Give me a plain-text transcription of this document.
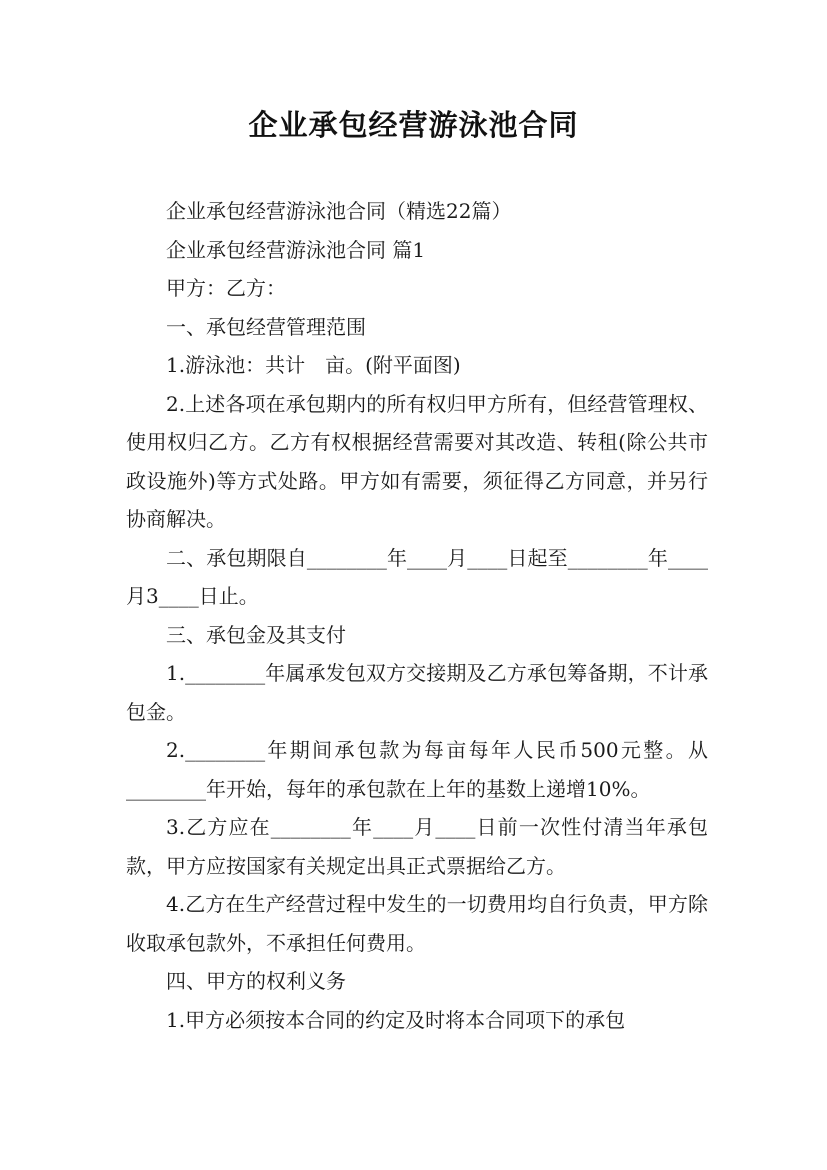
企业承包经营游泳池合同

企业承包经营游泳池合同（精选22篇）

企业承包经营游泳池合同 篇1

甲方：乙方：

一、承包经营管理范围

1.游泳池：共计　亩。(附平面图)

2.上述各项在承包期内的所有权归甲方所有，但经营管理权、使用权归乙方。乙方有权根据经营需要对其改造、转租(除公共市政设施外)等方式处路。甲方如有需要，须征得乙方同意，并另行协商解决。

二、承包期限自________年____月____日起至________年____月3____日止。

三、承包金及其支付

1.________年属承发包双方交接期及乙方承包筹备期，不计承包金。

2.________年期间承包款为每亩每年人民币500元整。从________年开始，每年的承包款在上年的基数上递增10%。

3.乙方应在________年____月____日前一次性付清当年承包款，甲方应按国家有关规定出具正式票据给乙方。

4.乙方在生产经营过程中发生的一切费用均自行负责，甲方除收取承包款外，不承担任何费用。

四、甲方的权利义务

1.甲方必须按本合同的约定及时将本合同项下的承包
